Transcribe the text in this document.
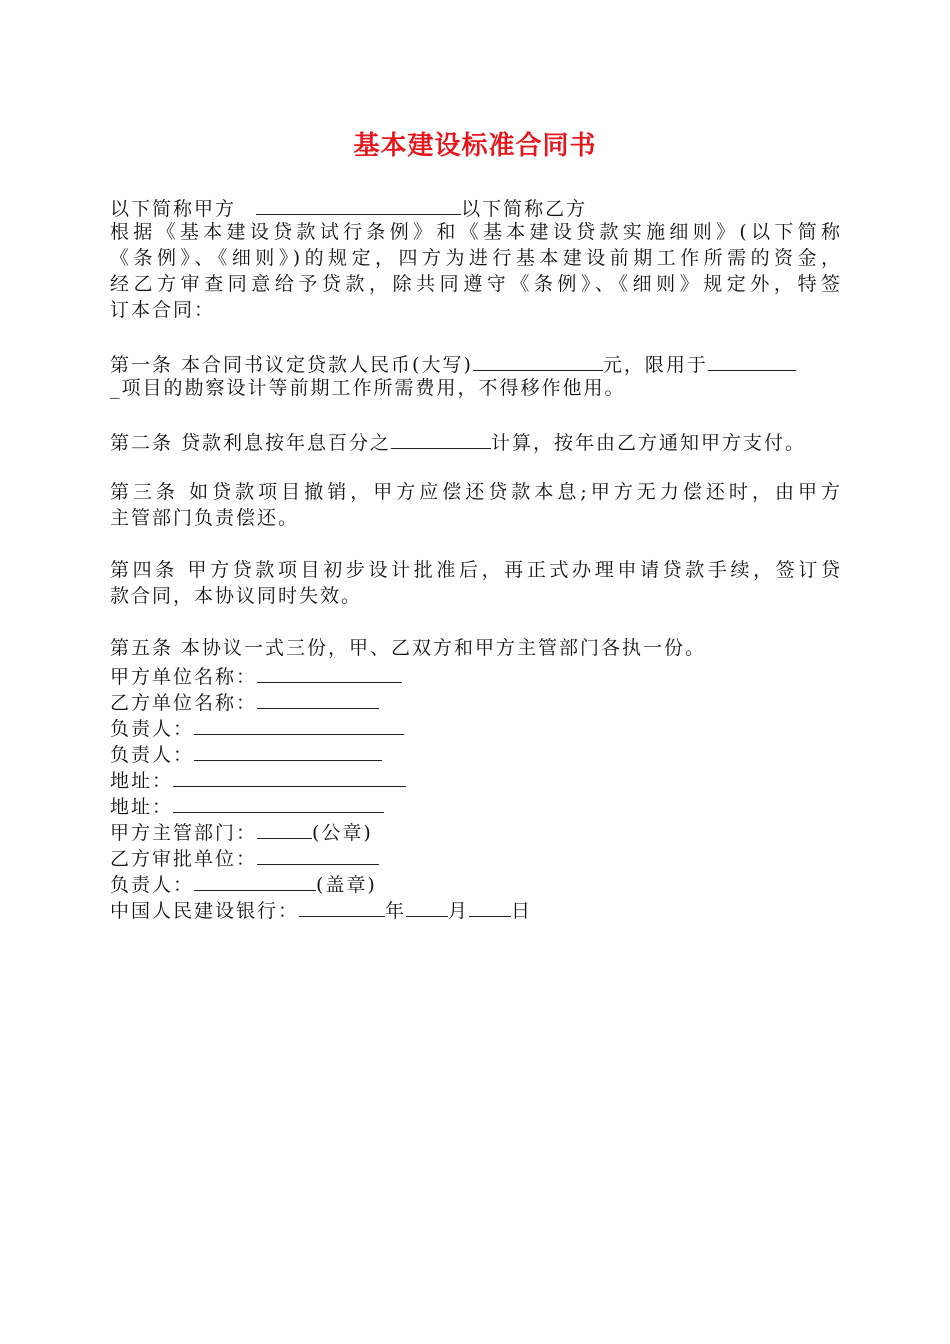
基本建设标准合同书
以下简称甲方	以下简称乙方
根据《基本建设贷款试行条例》和《基本建设贷款实施细则》(以下简称
《条例》、《细则》)的规定，四方为进行基本建设前期工作所需的资金，
经乙方审查同意给予贷款，除共同遵守《条例》、《细则》规定外，特签
订本合同：
第一条 本合同书议定贷款人民币(大写)	元，限用于
_项目的勘察设计等前期工作所需费用，不得移作他用。
第二条 贷款利息按年息百分之	计算，按年由乙方通知甲方支付。
第三条 如贷款项目撤销，甲方应偿还贷款本息;甲方无力偿还时，由甲方
主管部门负责偿还。
第四条 甲方贷款项目初步设计批准后，再正式办理申请贷款手续，签订贷
款合同，本协议同时失效。
第五条 本协议一式三份，甲、乙双方和甲方主管部门各执一份。
甲方单位名称：
乙方单位名称：
负责人：
负责人：
地址：
地址：
甲方主管部门：	(公章)
乙方审批单位：
负责人：	(盖章)
中国人民建设银行：	年 月 日
